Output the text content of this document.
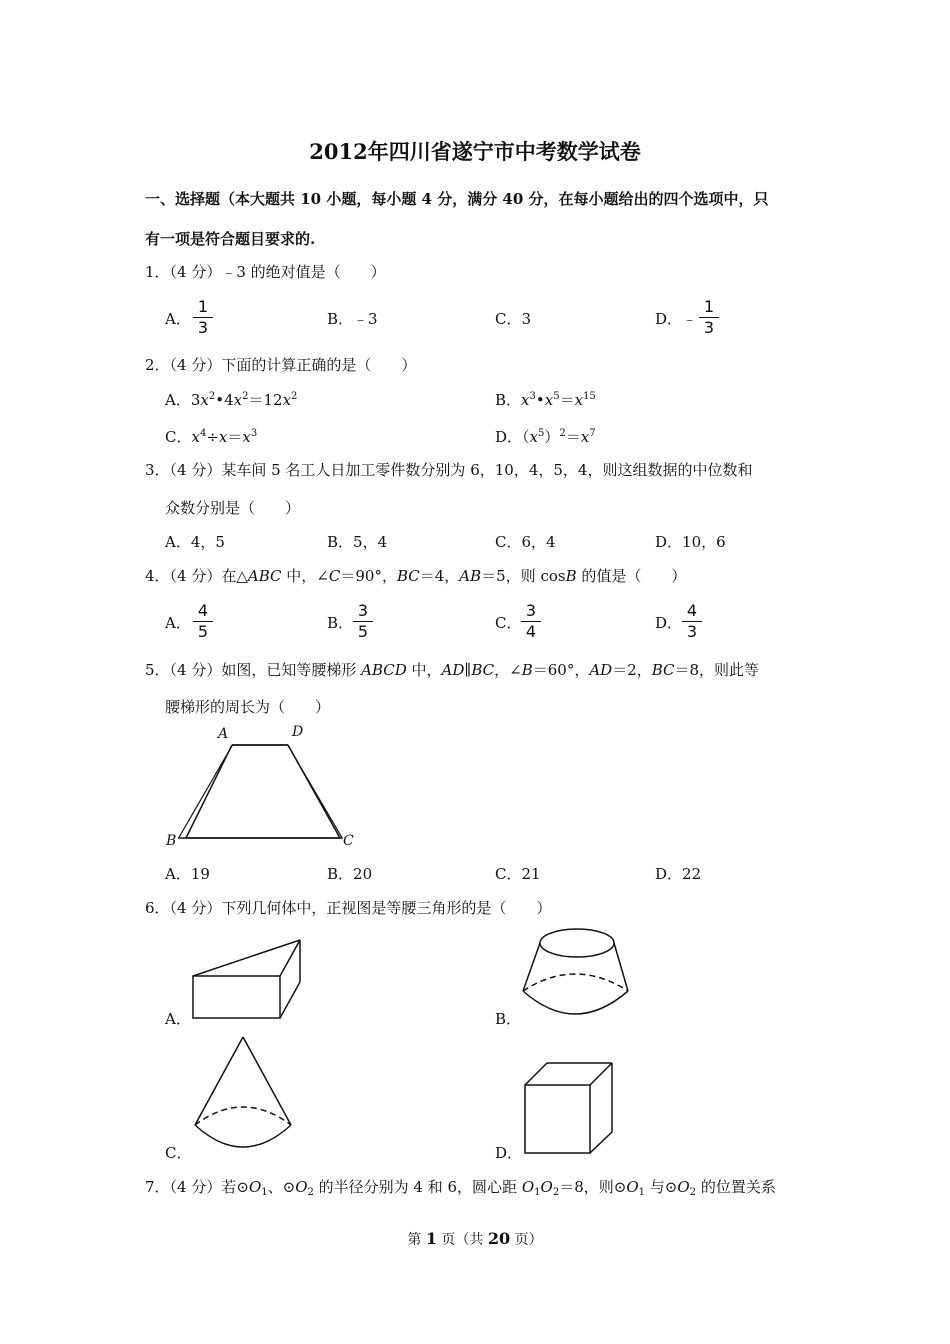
2012年四川省遂宁市中考数学试卷
一、选择题（本大题共 10 小题，每小题 4 分，满分 40 分，在每小题给出的四个选项中，只
有一项是符合题目要求的.
1．（4 分）﹣3 的绝对值是（　　）
A．
1
3	B．﹣3	C．3	D．﹣
1
3
2．（4 分）下面的计算正确的是（　　）
A．$3x^2•4x^2=12x^2$	B．$x^3•x^5=x^{15}$
C．$x^4\div x=x^3$	D．$(x^5)^2=x^7$
3．（4 分）某车间 5 名工人日加工零件数分别为 6，10，4，5，4，则这组数据的中位数和
众数分别是（　　）
A．4，5	B．5，4	C．6，4	D．10，6
4．（4 分）在△ABC 中，∠C＝90°，BC＝4，AB＝5，则 cosB 的值是（　　）
A．
4
5	B．
3
5	C．
3
4	D．
4
3
5．（4 分）如图，已知等腰梯形 ABCD 中，AD∥BC，∠B＝60°，AD＝2，BC＝8，则此等
腰梯形的周长为（　　）
A	D
B	C
A．19	B．20	C．21	D．22
6．（4 分）下列几何体中，正视图是等腰三角形的是（　　）
A．	B．
C．	D．
7．（4 分）若$⊙O_1$、$⊙O_2$ 的半径分别为 4 和 6，圆心距 $O_1O_2=8$，则$⊙O_1$ 与$⊙O_2$ 的位置关系
第 1 页（共 20 页）
